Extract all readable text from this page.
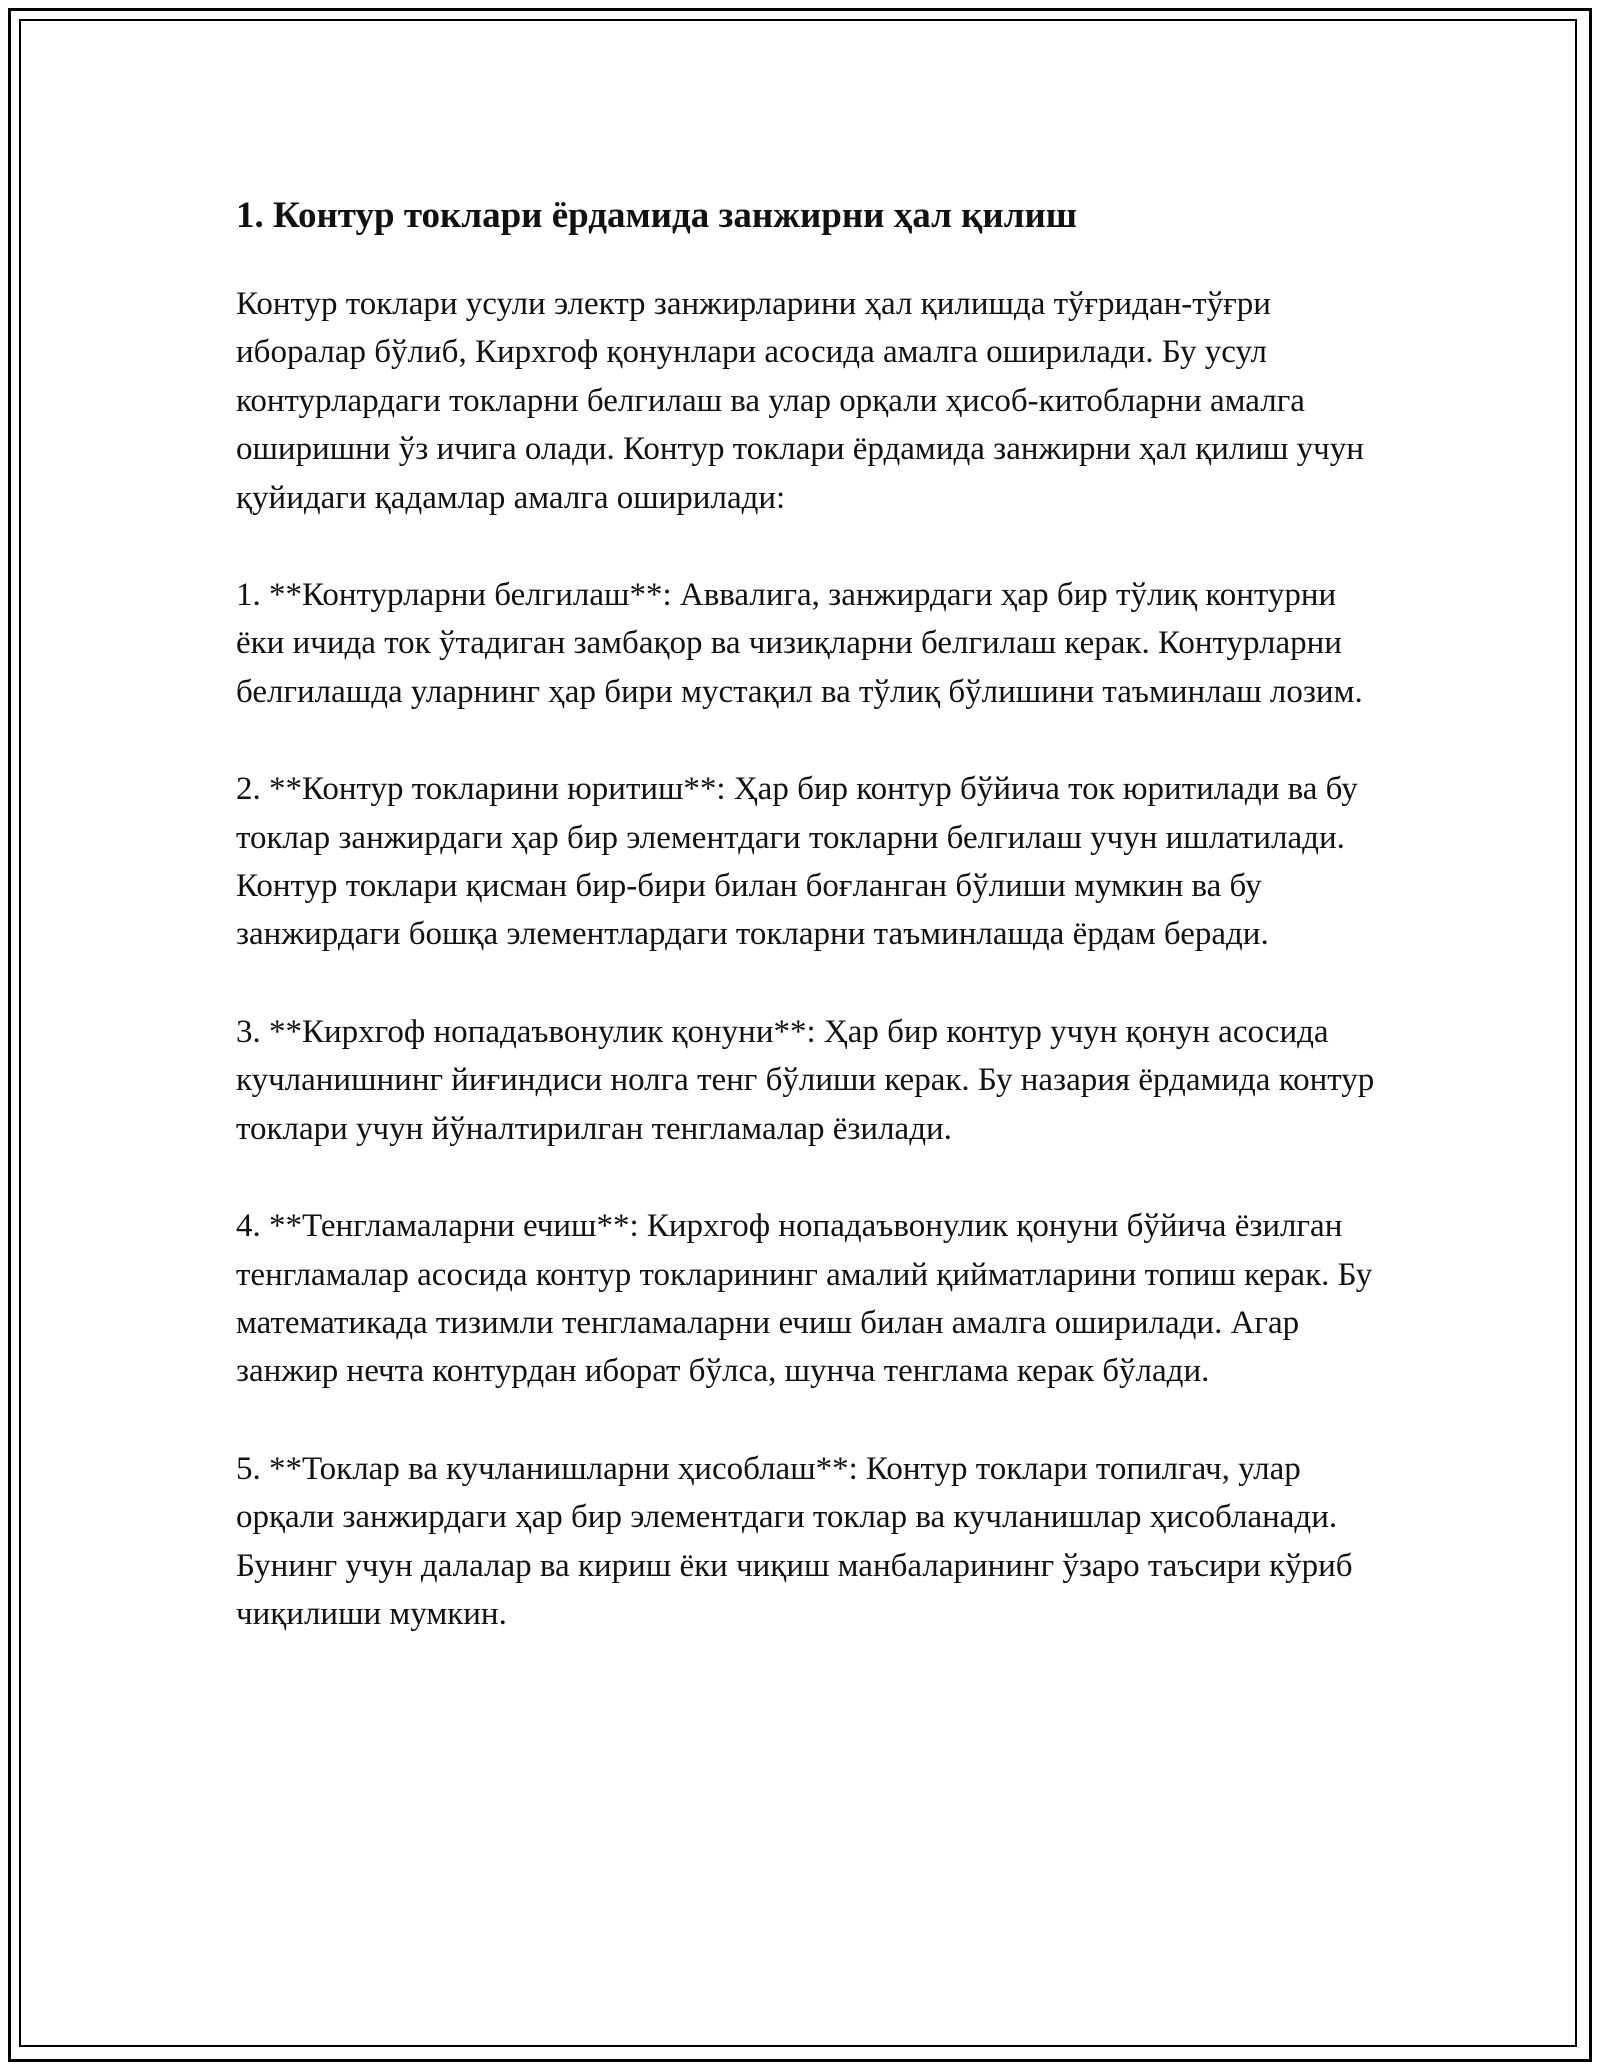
1. Контур токлари ёрдамида занжирни ҳал қилиш

Контур токлари усули электр занжирларини ҳал қилишда тўғридан-тўғри иборалар бўлиб, Кирхгоф қонунлари асосида амалга оширилади. Бу усул контурлардаги токларни белгилаш ва улар орқали ҳисоб-китобларни амалга оширишни ўз ичига олади. Контур токлари ёрдамида занжирни ҳал қилиш учун қуйидаги қадамлар амалга оширилади:

1. **Контурларни белгилаш**: Аввалига, занжирдаги ҳар бир тўлиқ контурни ёки ичида ток ўтадиган замбақор ва чизиқларни белгилаш керак. Контурларни белгилашда уларнинг ҳар бири мустақил ва тўлиқ бўлишини таъминлаш лозим.

2. **Контур токларини юритиш**: Ҳар бир контур бўйича ток юритилади ва бу токлар занжирдаги ҳар бир элементдаги токларни белгилаш учун ишлатилади. Контур токлари қисман бир-бири билан боғланган бўлиши мумкин ва бу занжирдаги бошқа элементлардаги токларни таъминлашда ёрдам беради.

3. **Кирхгоф нопадаъвонулик қонуни**: Ҳар бир контур учун қонун асосида кучланишнинг йиғиндиси нолга тенг бўлиши керак. Бу назария ёрдамида контур токлари учун йўналтирилган тенгламалар ёзилади.

4. **Тенгламаларни ечиш**: Кирхгоф нопадаъвонулик қонуни бўйича ёзилган тенгламалар асосида контур токларининг амалий қийматларини топиш керак. Бу математикада тизимли тенгламаларни ечиш билан амалга оширилади. Агар занжир нечта контурдан иборат бўлса, шунча тенглама керак бўлади.

5. **Токлар ва кучланишларни ҳисоблаш**: Контур токлари топилгач, улар орқали занжирдаги ҳар бир элементдаги токлар ва кучланишлар ҳисобланади. Бунинг учун далалар ва кириш ёки чиқиш манбаларининг ўзаро таъсири кўриб чиқилиши мумкин.
